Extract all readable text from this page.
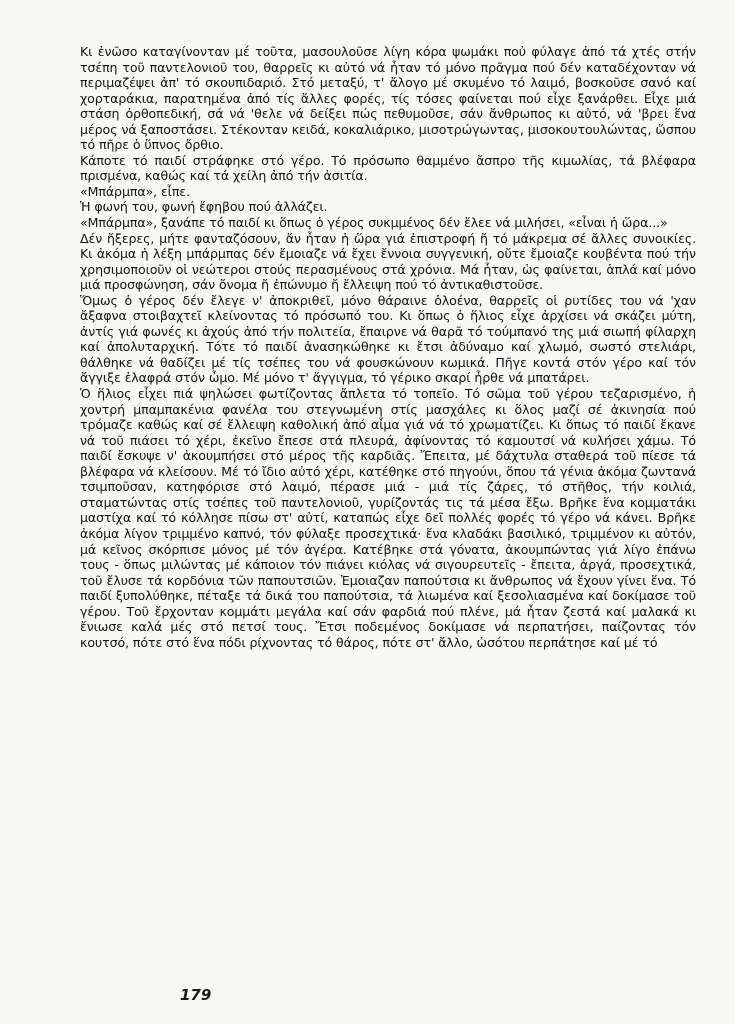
Κι ἐνῶσο καταγίνονταν μέ τοῦτα, μασουλοῦσε λίγη κόρα ψωμάκι ποὐ φύλαγε ἀπό τά χτές στήν τσέπη τοῦ παντελονιοῦ του, θαρρεῖς κι αὐτό νά ἦταν τό μόνο πρᾶγμα πού δέν καταδέχονταν νά περιμαζέψει ἀπ' τό σκουπιδαριό. Στό μεταξύ, τ' ἄλογο μέ σκυμένο τό λαιμό, βοσκοῦσε σανό καί χορταράκια, παρατημένα ἀπό τίς ἄλλες φορές, τίς τόσες φαίνεται πού εἶχε ξανάρθει. Εἶχε μιά στάση ὀρθοπεδική, σά νά 'θελε νά δείξει πώς πεθυμοῦσε, σάν ἄνθρωπος κι αὐτό, νά 'βρει ἕνα μέρος νά ξαποστάσει. Στέκονταν κειδά, κοκαλιάρικο, μισοτρώγωντας, μισοκουτουλώντας, ὥσπου τό πῆρε ὁ ὕπνος ὄρθιο.

Κάποτε τό παιδί στράφηκε στό γέρο. Τό πρόσωπο θαμμένο ἄσπρο τῆς κιμωλίας, τά βλέφαρα πρισμένα, καθώς καί τά χείλη ἀπό τήν ἀσιτία.

«Μπάρμπα», εἶπε.

Ἡ φωνή του, φωνή ἔφηβου πού ἀλλάζει.

«Μπάρμπα», ξανάπε τό παιδί κι ὅπως ὁ γέρος συκμμένος δέν ἔλεε νά μιλήσει, «εἶναι ἡ ὥρα...»

Δέν ἤξερες, μήτε φανταζόσουν, ἄν ἦταν ἡ ὥρα γιά ἐπιστροφή ἤ τό μάκρεμα σέ ἄλλες συνοικίες. Κι ἀκόμα ἡ λέξη μπάρμπας δέν ἔμοιαζε νά ἔχει ἔννοια συγγενική, οὔτε ἔμοιαζε κουβέντα πού τήν χρησιμοποιοῦν οἱ νεώτεροι στούς περασμένους στά χρόνια. Μά ἦταν, ὡς φαίνεται, ἁπλά καί μόνο μιά προσφώνηση, σάν ὄνομα ἤ ἐπώνυμο ἤ ἔλλειψη πού τό ἀντικαθιστοῦσε.

Ὅμως ὁ γέρος δέν ἔλεγε ν' ἀποκριθεῖ, μόνο θάραινε ὁλοένα, θαρρεῖς οἱ ρυτίδες του νά 'χαν ἄξαφνα στοιβαχτεῖ κλείνοντας τό πρόσωπό του. Κι ὅπως ὁ ἥλιος εἶχε ἀρχίσει νά σκάζει μύτη, ἀντίς γιά φωνές κι ἀχούς ἀπό τήν πολιτεία, ἔπαιρνε νά θαρᾶ τό τούμπανό της μιά σιωπή φίλαρχη καί ἀπολυταρχική. Τότε τό παιδί ἀνασηκώθηκε κι ἔτσι ἀδύναμο καί χλωμό, σωστό στελιάρι, θάλθηκε νά θαδίζει μέ τίς τσέπες του νά φουσκώνουν κωμικά. Πῆγε κοντά στόν γέρο καί τόν ἄγγιξε ἐλαφρά στόν ὦμο. Μέ μόνο τ' ἄγγιγμα, τό γέρικο σκαρί ἦρθε νά μπατάρει.

Ὁ ἥλιος εἶχει πιά ψηλώσει φωτίζοντας ἄπλετα τό τοπεῖο. Τό σῶμα τοῦ γέρου τεζαρισμένο, ἡ χοντρή μπαμπακένια φανέλα του στεγνωμένη στίς μασχάλες κι ὅλος μαζί σέ ἀκινησία πού τρόμαζε καθώς καί σέ ἔλλειψη καθολική ἀπό αἶμα γιά νά τό χρωματίζει. Κι ὅπως τό παιδί ἔκανε νά τοῦ πιάσει τό χέρι, ἐκεῖνο ἔπεσε στά πλευρά, ἀφίνοντας τό καμουτσί νά κυλήσει χάμω. Τό παιδί ἔσκυψε ν' ἀκουμπήσει στό μέρος τῆς καρδιᾶς. Ἔπειτα, μέ δάχτυλα σταθερά τοῦ πίεσε τά βλέφαρα νά κλείσουν. Μέ τό ἴδιο αὐτό χέρι, κατέθηκε στό πηγούνι, ὅπου τά γένια ἀκόμα ζωντανά τσιμποῦσαν, κατηφόρισε στό λαιμό, πέρασε μιά - μιά τίς ζάρες, τό στῆθος, τήν κοιλιά, σταματώντας στίς τσέπες τοῦ παντελονιοῦ, γυρίζοντάς τις τά μέσα ἔξω. Βρῆκε ἕνα κομματάκι μαστίχα καί τό κόλλησε πίσω στ' αὐτί, καταπώς εἶχε δεῖ πολλές φορές τό γέρο νά κάνει. Βρῆκε ἀκόμα λίγον τριμμένο καπνό, τόν φύλαξε προσεχτικά· ἕνα κλαδάκι βασιλικό, τριμμένον κι αὐτόν, μά κεῖνος σκόρπισε μόνος μέ τόν ἀγέρα. Κατέβηκε στά γόνατα, ἀκουμπώντας γιά λίγο ἐπάνω τους - ὅπως μιλώντας μέ κάποιον τόν πιάνει κιόλας νά σιγουρευτεῖς - ἔπειτα, ἀργά, προσεχτικά, τοῦ ἔλυσε τά κορδόνια τῶν παπουτσιῶν. Ἐμοιαζαν παπούτσια κι ἄνθρωπος νά ἔχουν γίνει ἕνα. Τό παιδί ξυπολύθηκε, πέταξε τά δικά του παπούτσια, τά λιωμένα καί ξεσολιασμένα καί δοκίμασε τοῦ γέρου. Τοῦ ἔρχονταν κομμάτι μεγάλα καί σάν φαρδιά πού πλένε, μά ἦταν ζεστά καί μαλακά κι ἔνιωσε καλά μές στό πετσί τους. Ἔτσι ποδεμένος δοκίμασε νά περπατήσει, παίζοντας τόν κουτσό, πότε στό ἕνα πόδι ρίχνοντας τό θάρος, πότε στ' ἄλλο, ὡσότου περπάτησε καί μέ τό

179
